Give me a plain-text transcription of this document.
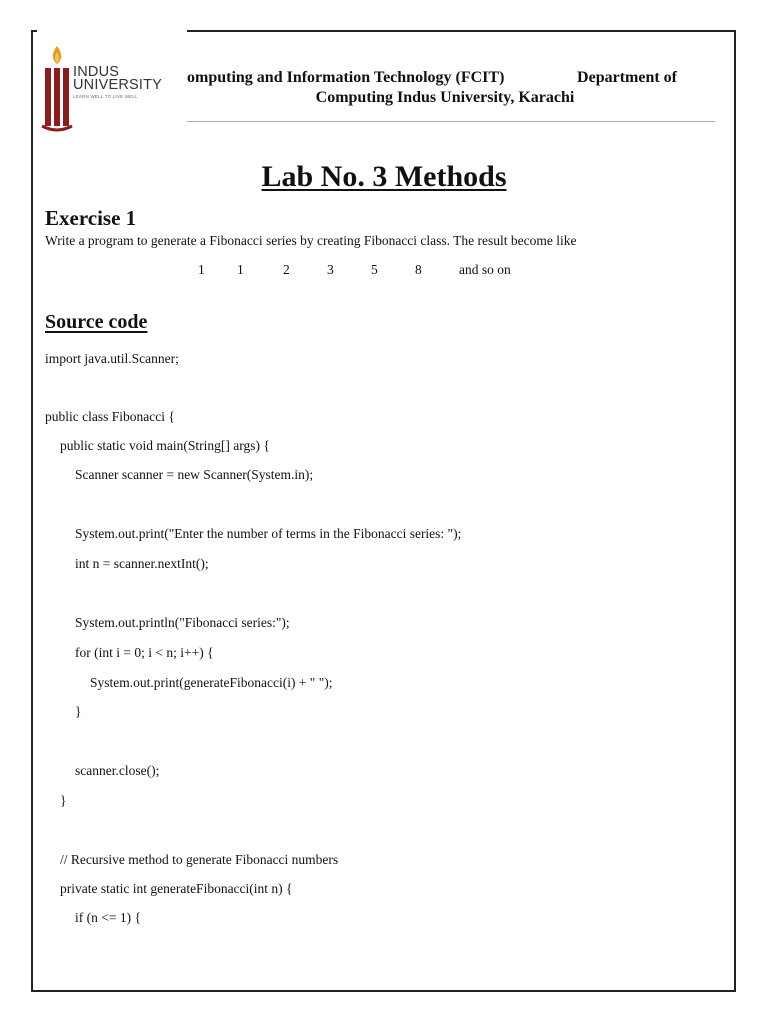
INDUS
UNIVERSITY
LEARN WELL TO LIVE WELL
omputing and Information Technology (FCIT)	Department of
Computing Indus University, Karachi
Lab No. 3 Methods
Exercise 1
Write a program to generate a Fibonacci series by creating Fibonacci class. The result become like
1 1	2	3	5	8	and so on
Source code
import java.util.Scanner;
public class Fibonacci {
public static void main(String[] args) {
Scanner scanner = new Scanner(System.in);
System.out.print("Enter the number of terms in the Fibonacci series: ");
int n = scanner.nextInt();
System.out.println("Fibonacci series:");
for (int i = 0; i < n; i++) {
System.out.print(generateFibonacci(i) + " ");
}
scanner.close();
}
// Recursive method to generate Fibonacci numbers
private static int generateFibonacci(int n) {
if (n <= 1) {
